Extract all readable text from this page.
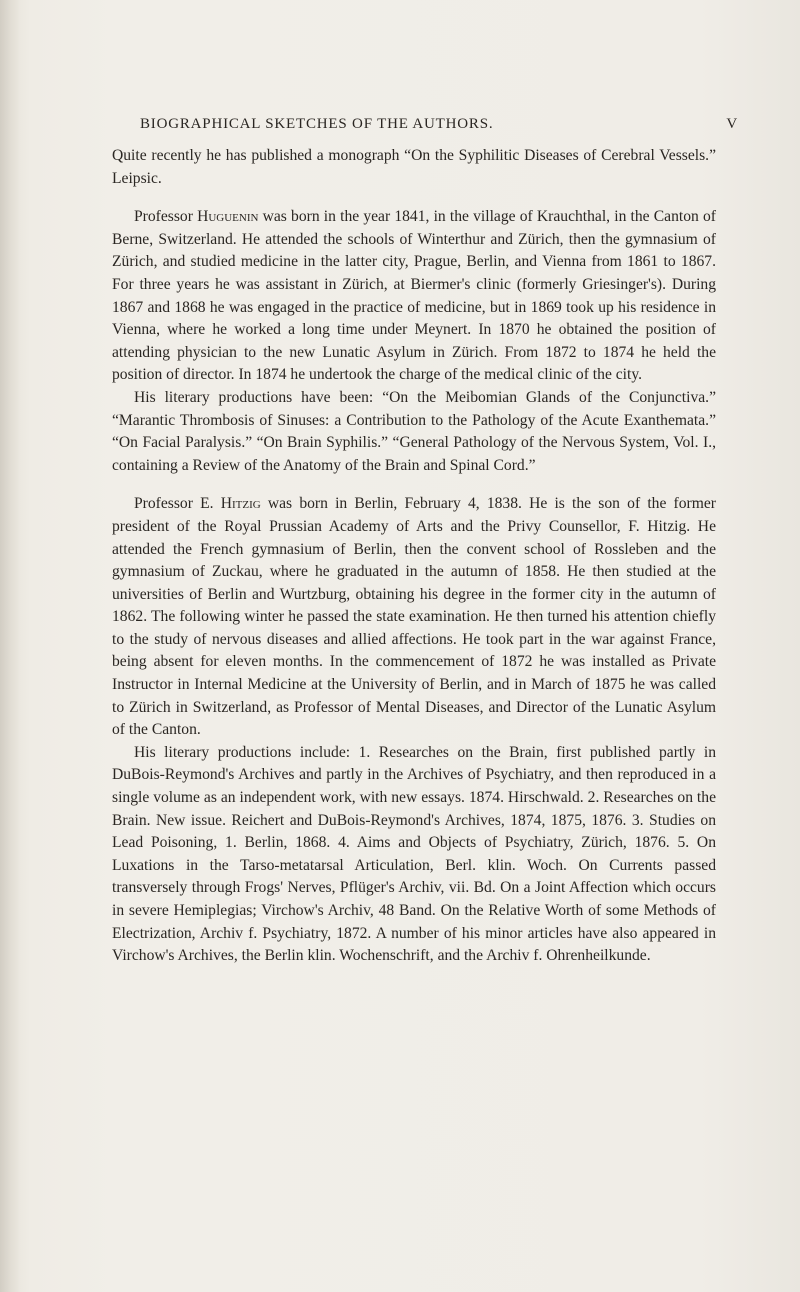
BIOGRAPHICAL SKETCHES OF THE AUTHORS.	V

Quite recently he has published a monograph “On the Syphilitic Diseases of Cerebral Vessels.” Leipsic.

Professor Huguenin was born in the year 1841, in the village of Krauchthal, in the Canton of Berne, Switzerland. He attended the schools of Winterthur and Zürich, then the gymnasium of Zürich, and studied medicine in the latter city, Prague, Berlin, and Vienna from 1861 to 1867. For three years he was assistant in Zürich, at Biermer's clinic (formerly Griesinger's). During 1867 and 1868 he was engaged in the practice of medicine, but in 1869 took up his residence in Vienna, where he worked a long time under Meynert. In 1870 he obtained the position of attending physician to the new Lunatic Asylum in Zürich. From 1872 to 1874 he held the position of director. In 1874 he undertook the charge of the medical clinic of the city.

His literary productions have been: “On the Meibomian Glands of the Conjunctiva.” “Marantic Thrombosis of Sinuses: a Contribution to the Pathology of the Acute Exanthemata.” “On Facial Paralysis.” “On Brain Syphilis.” “General Pathology of the Nervous System, Vol. I., containing a Review of the Anatomy of the Brain and Spinal Cord.”

Professor E. Hitzig was born in Berlin, February 4, 1838. He is the son of the former president of the Royal Prussian Academy of Arts and the Privy Counsellor, F. Hitzig. He attended the French gymnasium of Berlin, then the convent school of Rossleben and the gymnasium of Zuckau, where he graduated in the autumn of 1858. He then studied at the universities of Berlin and Wurtzburg, obtaining his degree in the former city in the autumn of 1862. The following winter he passed the state examination. He then turned his attention chiefly to the study of nervous diseases and allied affections. He took part in the war against France, being absent for eleven months. In the commencement of 1872 he was installed as Private Instructor in Internal Medicine at the University of Berlin, and in March of 1875 he was called to Zürich in Switzerland, as Professor of Mental Diseases, and Director of the Lunatic Asylum of the Canton.

His literary productions include: 1. Researches on the Brain, first published partly in DuBois-Reymond's Archives and partly in the Archives of Psychiatry, and then reproduced in a single volume as an independent work, with new essays. 1874. Hirschwald. 2. Researches on the Brain. New issue. Reichert and DuBois-Reymond's Archives, 1874, 1875, 1876. 3. Studies on Lead Poisoning, 1. Berlin, 1868. 4. Aims and Objects of Psychiatry, Zürich, 1876. 5. On Luxations in the Tarso-metatarsal Articulation, Berl. klin. Woch. On Currents passed transversely through Frogs' Nerves, Pflüger's Archiv, vii. Bd. On a Joint Affection which occurs in severe Hemiplegias; Virchow's Archiv, 48 Band. On the Relative Worth of some Methods of Electrization, Archiv f. Psychiatry, 1872. A number of his minor articles have also appeared in Virchow's Archives, the Berlin klin. Wochenschrift, and the Archiv f. Ohrenheilkunde.
